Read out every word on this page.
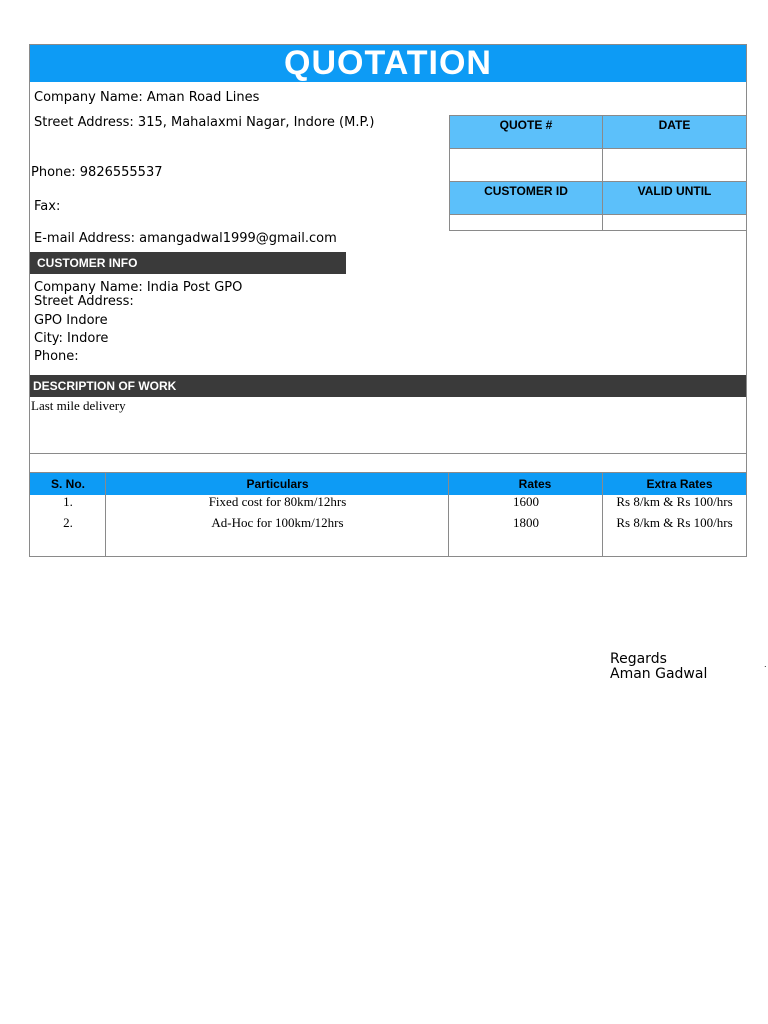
QUOTATION
Company Name: Aman Road Lines
Street Address: 315, Mahalaxmi Nagar, Indore (M.P.)
Phone: 9826555537
Fax:
E-mail Address: amangadwal1999@gmail.com
QUOTE #	DATE
CUSTOMER ID	VALID UNTIL
CUSTOMER INFO
Company Name: India Post GPO
Street Address:
GPO Indore
City: Indore
Phone:
DESCRIPTION OF WORK
Last mile delivery
S. No.	Particulars	Rates	Extra Rates
1.	Fixed cost for 80km/12hrs	1600	Rs 8/km & Rs 100/hrs
2.	Ad-Hoc for 100km/12hrs	1800	Rs 8/km & Rs 100/hrs
Regards
Aman Gadwal
.
